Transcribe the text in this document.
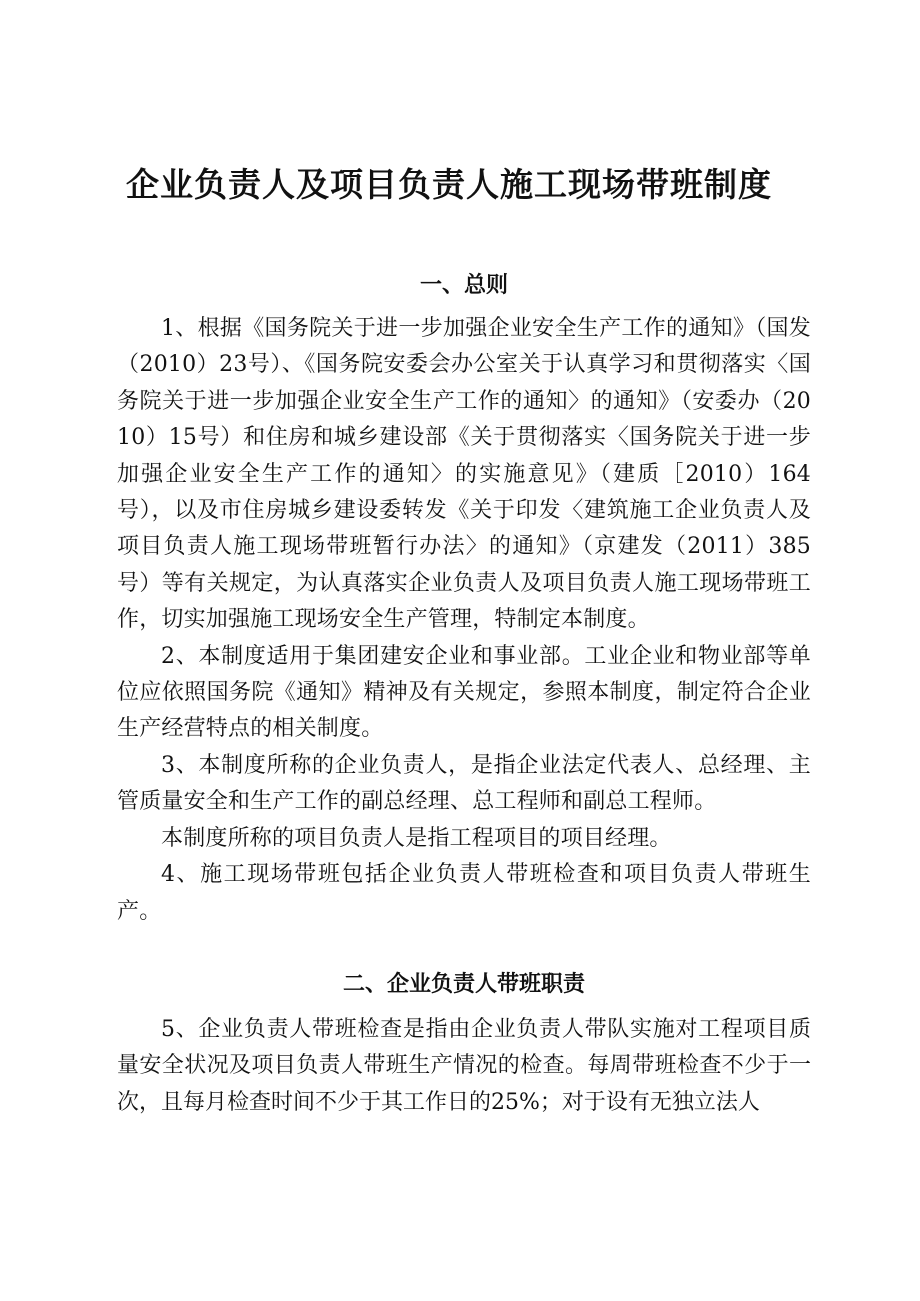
企业负责人及项目负责人施工现场带班制度
一、总则

1、根据《国务院关于进一步加强企业安全生产工作的通知》（国发（2010）23号）、《国务院安委会办公室关于认真学习和贯彻落实〈国务院关于进一步加强企业安全生产工作的通知〉的通知》（安委办（2010）15号）和住房和城乡建设部《关于贯彻落实〈国务院关于进一步加强企业安全生产工作的通知〉的实施意见》（建质［2010）164号），以及市住房城乡建设委转发《关于印发〈建筑施工企业负责人及项目负责人施工现场带班暂行办法〉的通知》（京建发（2011）385号）等有关规定，为认真落实企业负责人及项目负责人施工现场带班工作，切实加强施工现场安全生产管理，特制定本制度。

2、本制度适用于集团建安企业和事业部。工业企业和物业部等单位应依照国务院《通知》精神及有关规定，参照本制度，制定符合企业生产经营特点的相关制度。

3、本制度所称的企业负责人，是指企业法定代表人、总经理、主管质量安全和生产工作的副总经理、总工程师和副总工程师。

本制度所称的项目负责人是指工程项目的项目经理。

4、施工现场带班包括企业负责人带班检查和项目负责人带班生产。

二、企业负责人带班职责

5、企业负责人带班检查是指由企业负责人带队实施对工程项目质量安全状况及项目负责人带班生产情况的检查。每周带班检查不少于一次，且每月检查时间不少于其工作日的25%；对于设有无独立法人
